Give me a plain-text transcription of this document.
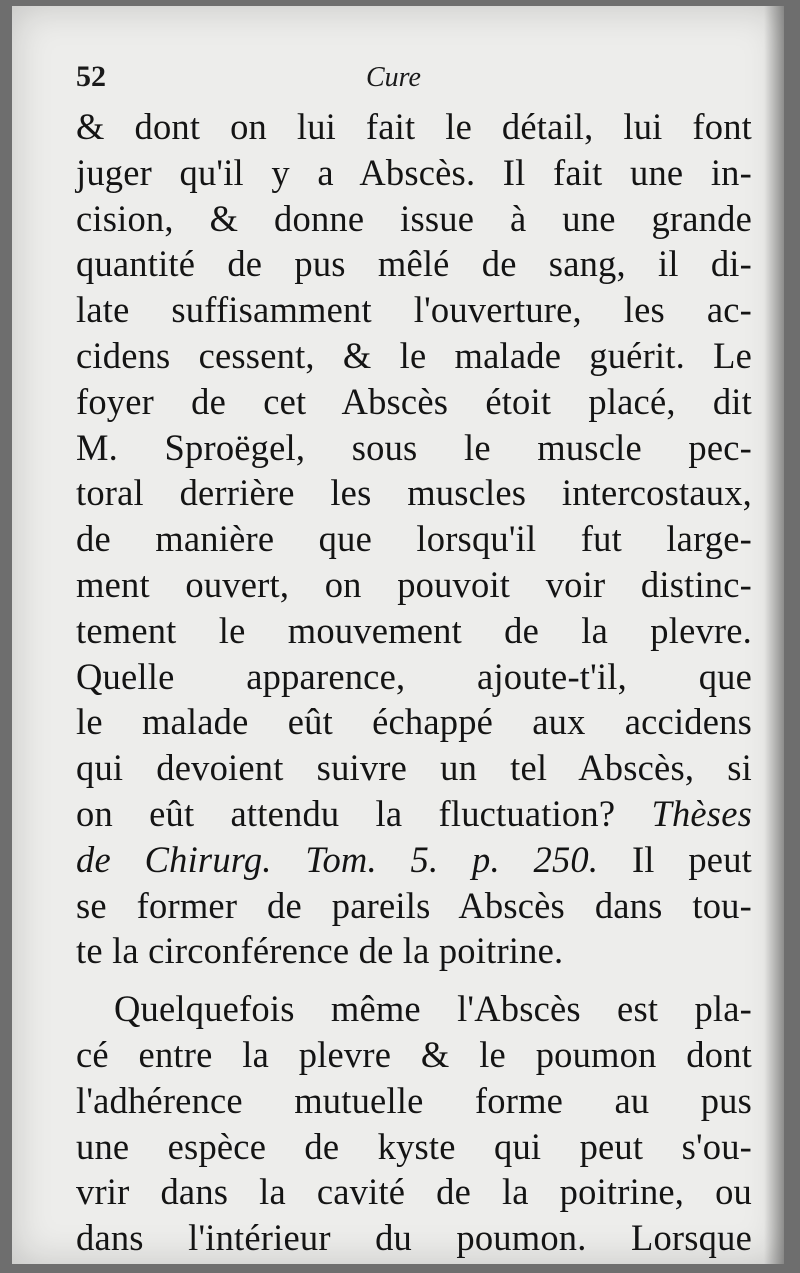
52	Cure
& dont on lui fait le détail, lui font
juger qu'il y a Abscès. Il fait une in-
cision, & donne issue à une grande
quantité de pus mêlé de sang, il di-
late suffisamment l'ouverture, les ac-
cidens cessent, & le malade guérit. Le
foyer de cet Abscès étoit placé, dit
M. Sproëgel, sous le muscle pec-
toral derrière les muscles intercostaux,
de manière que lorsqu'il fut large-
ment ouvert, on pouvoit voir distinc-
tement le mouvement de la plevre.
Quelle apparence, ajoute-t'il, que
le malade eût échappé aux accidens
qui devoient suivre un tel Abscès, si
on eût attendu la fluctuation? Thèses
de Chirurg. Tom. 5. p. 250. Il peut
se former de pareils Abscès dans tou-
te la circonférence de la poitrine.
Quelquefois même l'Abscès est pla-
cé entre la plevre & le poumon dont
l'adhérence mutuelle forme au pus
une espèce de kyste qui peut s'ou-
vrir dans la cavité de la poitrine, ou
dans l'intérieur du poumon. Lorsque
